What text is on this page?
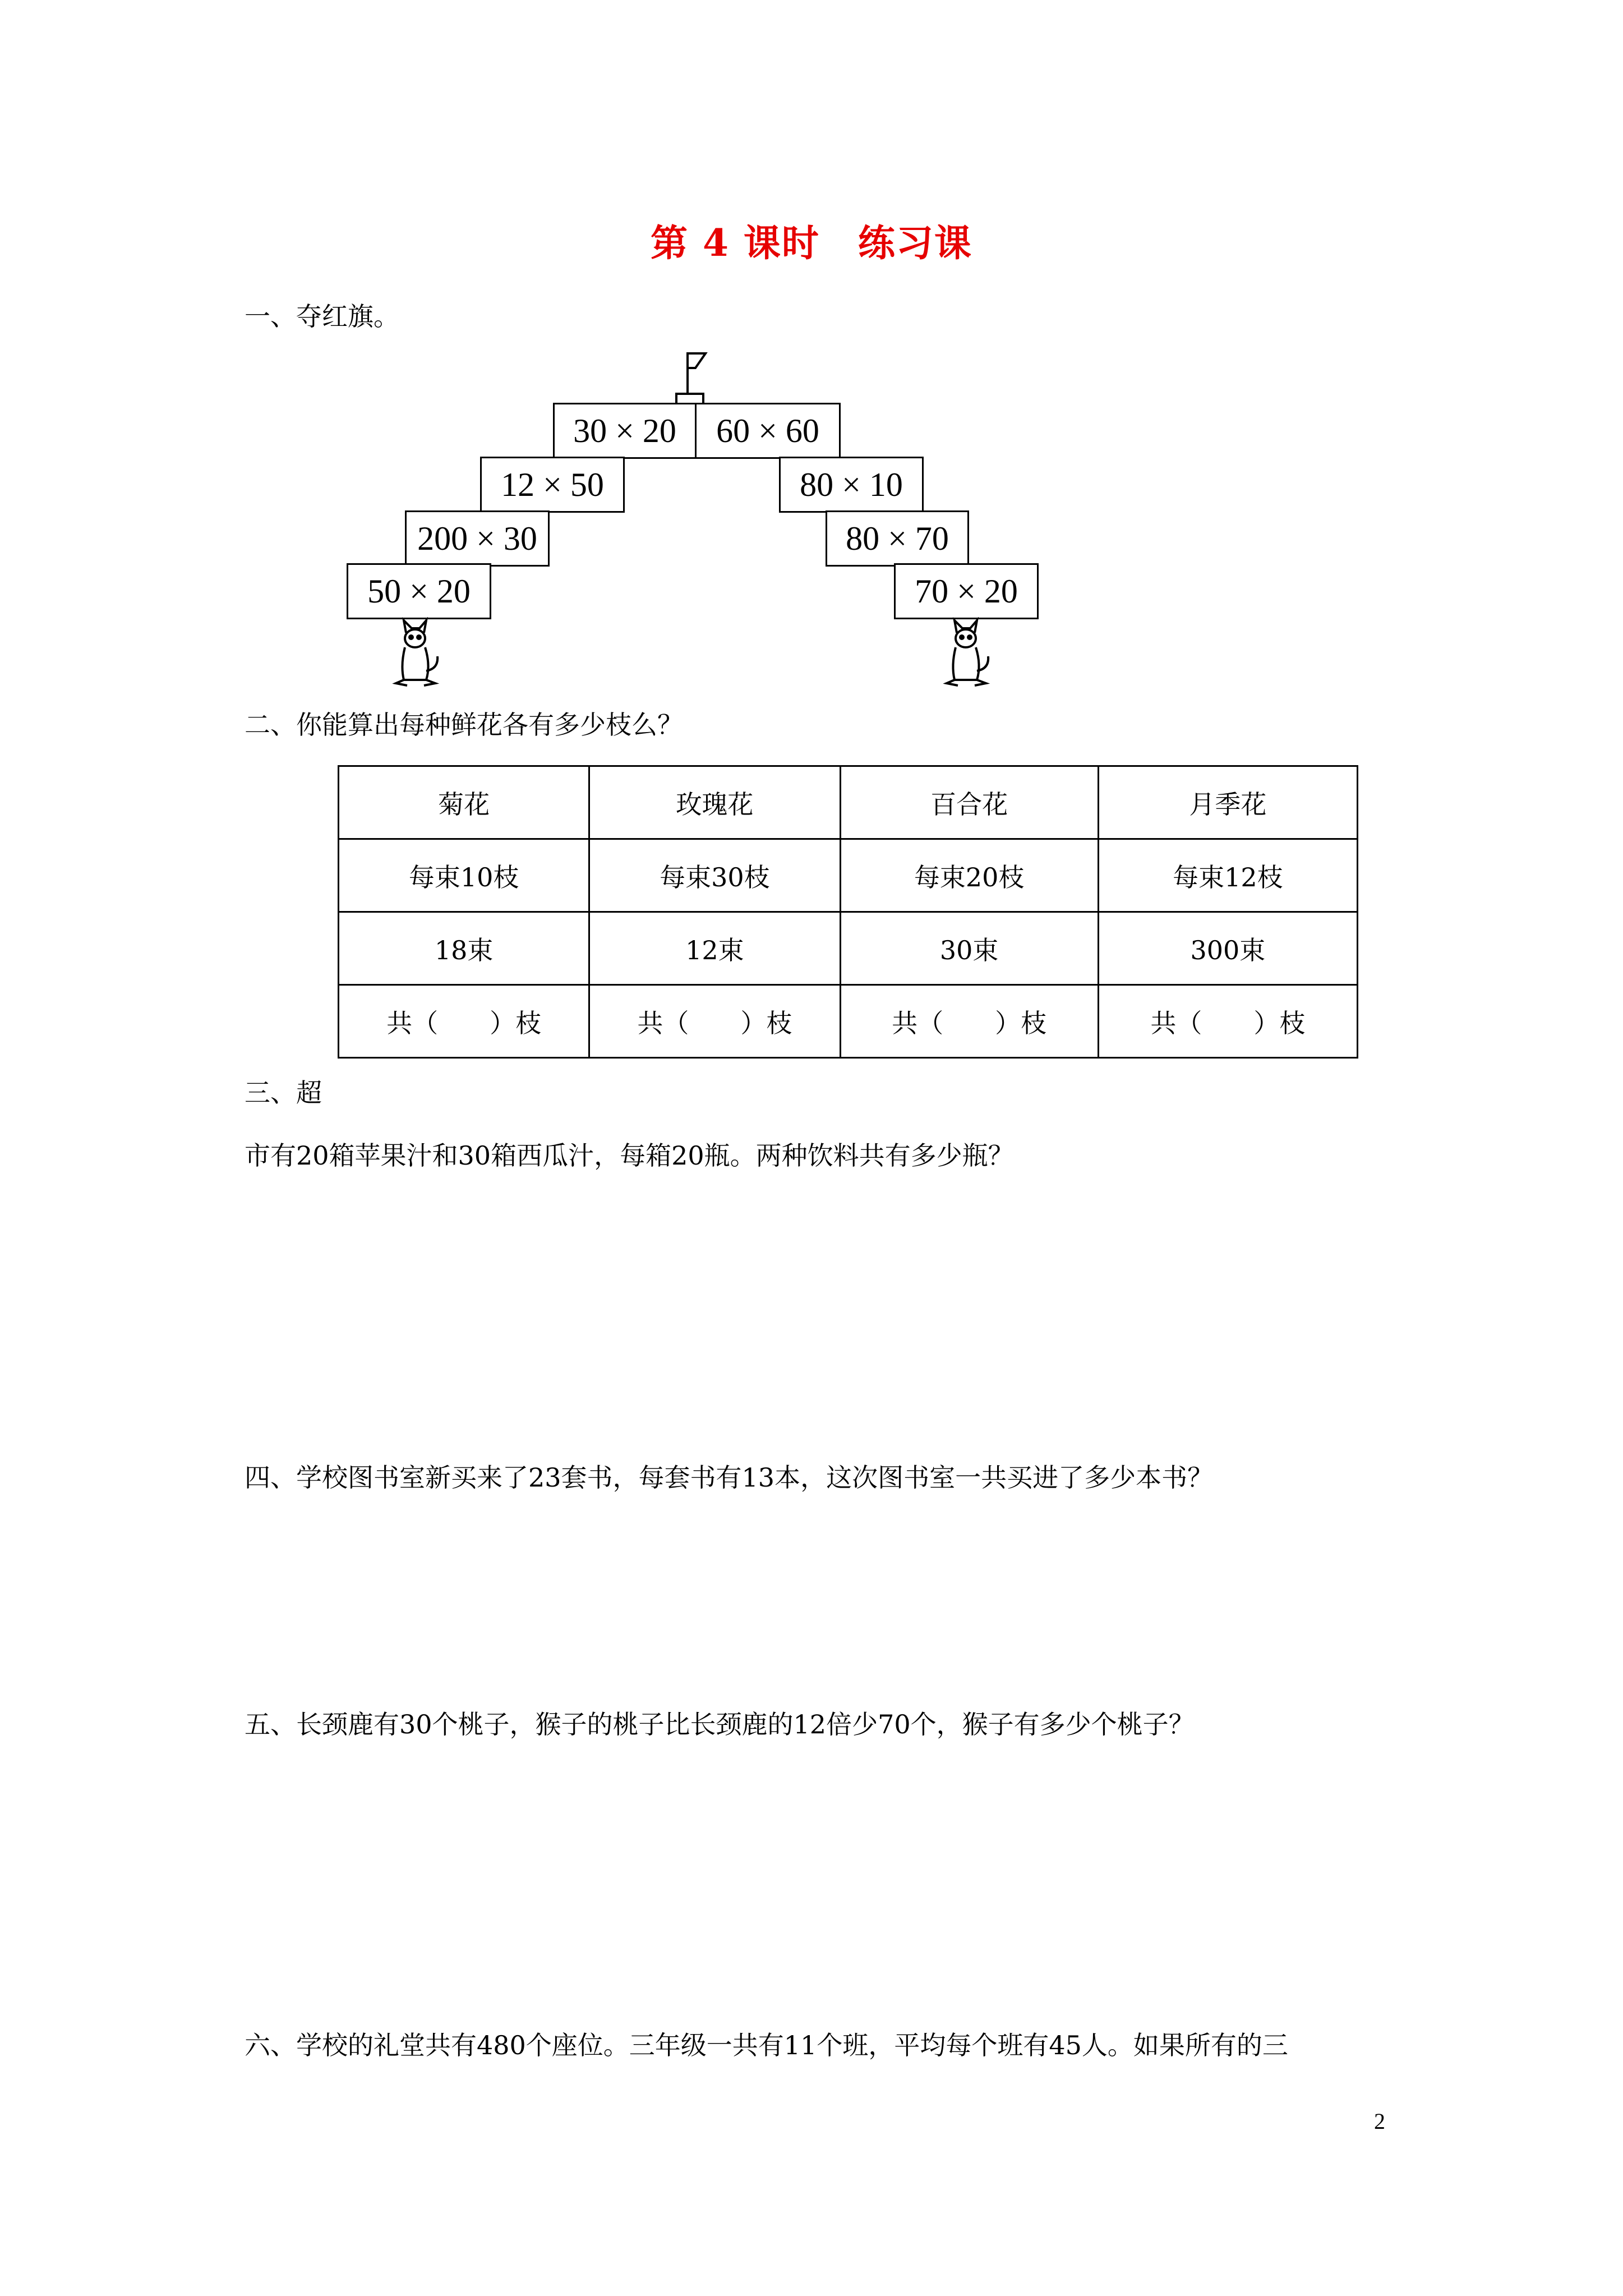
第 4 课时　练习课
一、夺红旗。
30 × 20	60 × 60
12 × 50	80 × 10
200 × 30	80 × 70
50 × 20	70 × 20
二、你能算出每种鲜花各有多少枝么？
菊花	玫瑰花	百合花	月季花
每束10枝	每束30枝	每束20枝	每束12枝
18束	12束	30束	300束
共（　　）枝	共（　　）枝	共（　　）枝	共（　　）枝
三、超
市有20箱苹果汁和30箱西瓜汁，每箱20瓶。两种饮料共有多少瓶？
四、学校图书室新买来了23套书，每套书有13本，这次图书室一共买进了多少本书？
五、长颈鹿有30个桃子，猴子的桃子比长颈鹿的12倍少70个，猴子有多少个桃子？
六、学校的礼堂共有480个座位。三年级一共有11个班，平均每个班有45人。如果所有的三
2
